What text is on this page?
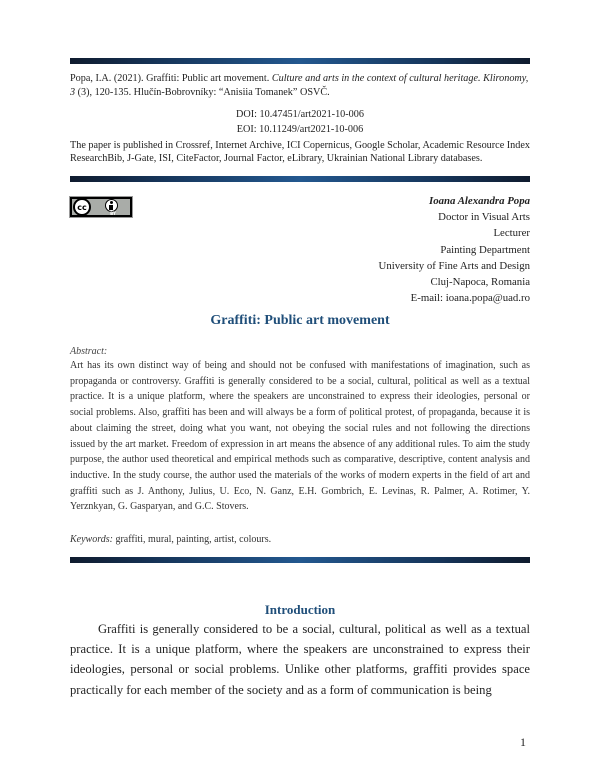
Popa, I.A. (2021). Graffiti: Public art movement. Culture and arts in the context of cultural heritage. Klironomy, 3 (3), 120-135. Hlučín-Bobrovníky: “Anisiia Tomanek” OSVČ.
DOI: 10.47451/art2021-10-006
EOI: 10.11249/art2021-10-006
The paper is published in Crossref, Internet Archive, ICI Copernicus, Google Scholar, Academic Resource Index ResearchBib, J-Gate, ISI, CiteFactor, Journal Factor, eLibrary, Ukrainian National Library databases.
cc
BY
Ioana Alexandra Popa
Doctor in Visual Arts
Lecturer
Painting Department
University of Fine Arts and Design
Cluj-Napoca, Romania
E-mail: ioana.popa@uad.ro
Graffiti: Public art movement
Abstract:
Art has its own distinct way of being and should not be confused with manifestations of imagination, such as propaganda or controversy. Graffiti is generally considered to be a social, cultural, political as well as a textual practice. It is a unique platform, where the speakers are unconstrained to express their ideologies, personal or social problems. Also, graffiti has been and will always be a form of political protest, of propaganda, because it is about claiming the street, doing what you want, not obeying the social rules and not following the directions issued by the art market. Freedom of expression in art means the absence of any additional rules. To aim the study purpose, the author used theoretical and empirical methods such as comparative, descriptive, content analysis and inductive. In the study course, the author used the materials of the works of modern experts in the field of art and graffiti such as J. Anthony, Julius, U. Eco, N. Ganz, E.H. Gombrich, E. Levinas, R. Palmer, A. Rotimer, Y. Yerznkyan, G. Gasparyan, and G.C. Stovers.
Keywords: graffiti, mural, painting, artist, colours.
Introduction
Graffiti is generally considered to be a social, cultural, political as well as a textual practice. It is a unique platform, where the speakers are unconstrained to express their ideologies, personal or social problems. Unlike other platforms, graffiti provides space practically for each member of the society and as a form of communication is being
1
